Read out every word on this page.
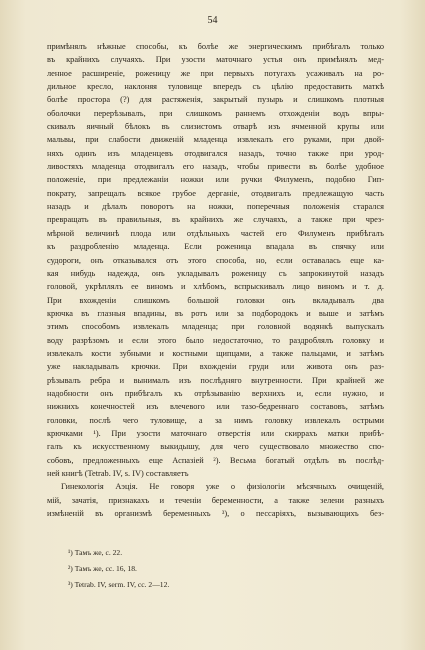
54
примѣнялъ нѣжные способы, къ болѣе же энергическимъ прибѣгалъ только
въ крайнихъ случаяхъ. При узости маточнаго устья онъ примѣнялъ мед-
ленное расширеніе, роженицу же при первыхъ потугахъ усаживалъ на ро-
дильное кресло, наклоняя туловище впередъ съ цѣлію предоставить маткѣ
болѣе простора (?) для растяженія, закрытый пузырь и слишкомъ плотныя
оболочки перерѣзывалъ, при слишкомъ раннемъ отхожденіи водъ впры-
скивалъ яичный бѣлокъ въ слизистомъ отварѣ изъ ячменной крупы или
мальвы, при слабости движеній младенца извлекалъ его руками, при двой-
няхъ одинъ изъ младенцевъ отодвигался назадъ, точно также при урод-
ливостяхъ младенца отодвигалъ его назадъ, чтобы привести въ болѣе удобное
положеніе, при предлежаніи ножки или ручки Филуменъ, подобно Гип-
пократу, запрещалъ всякое грубое дерганіе, отодвигалъ предлежащую часть
назадъ и дѣлалъ поворотъ на ножки, поперечныя положенія старался
превращать въ правильныя, въ крайнихъ же случаяхъ, а также при чрез-
мѣрной величинѣ плода или отдѣльныхъ частей его Филуменъ прибѣгалъ
къ раздробленію младенца. Если роженица впадала въ спячку или
судороги, онъ отказывался отъ этого способа, но, если оставалась еще ка-
кая нибудь надежда, онъ укладывалъ роженицу съ запрокинутой назадъ
головой, укрѣплялъ ее виномъ и хлѣбомъ, вспрыскивалъ лицо виномъ и т. д.
При вхожденіи слишкомъ большой головки онъ вкладывалъ два
крючка въ глазныя впадины, въ ротъ или за подбородокъ и выше и затѣмъ
этимъ способомъ извлекалъ младенца; при головной водянкѣ выпускалъ
воду разрѣзомъ и если этого было недостаточно, то раздроблялъ головку и
извлекалъ кости зубными и костными щипцами, а также пальцами, и затѣмъ
уже накладывалъ крючки. При вхожденіи груди или живота онъ раз-
рѣзывалъ ребра и вынималъ изъ послѣдняго внутренности. При крайней же
надобности онъ прибѣгалъ къ отрѣзыванію верхнихъ и, если нужно, и
нижнихъ конечностей изъ влечевого или тазо-бедреннаго составовъ, затѣмъ
головки, послѣ чего туловище, а за нимъ головку извлекалъ острыми
крючками ¹). При узости маточнаго отверстія или скиррахъ матки прибѣ-
галъ къ искусственному выкидышу, для чего существовало множество спо-
собовъ, предложенныхъ еще Аспазіей ²). Весьма богатый отдѣлъ въ послѣд-
ней книгѣ (Tetrab. IV, s. IV) составляетъ
Гинекологія Аэція. Не говоря уже о физіологіи мѣсячныхъ очищеній,
мій, зачатія, признакахъ и теченіи беременности, а также зелени разныхъ
измѣненій въ организмѣ беременныхъ ³), о пессаріяхъ, вызывающихъ без-
¹) Тамъ же, с. 22.
²) Тамъ же, сс. 16, 18.
³) Tetrab. IV, serm. IV, сс. 2—12.
